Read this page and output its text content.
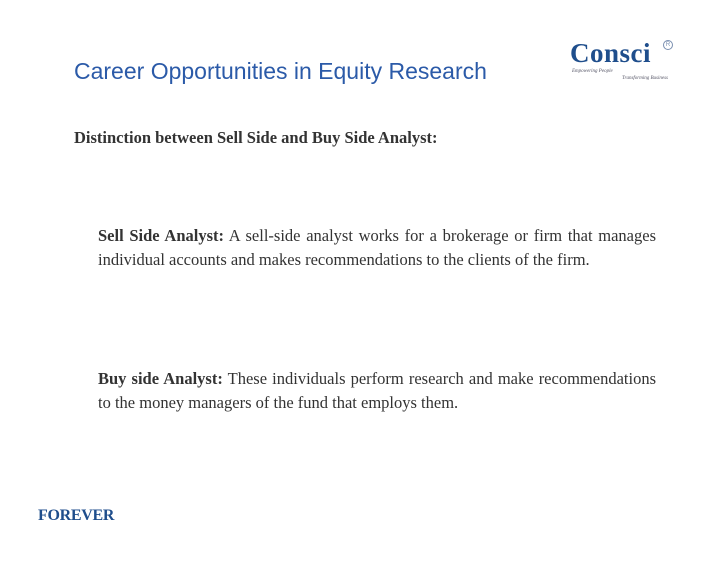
Career Opportunities in Equity Research
Consci	R
Empowering People
Transforming Business
Distinction between Sell Side and Buy Side Analyst:
Sell Side Analyst: A sell-side analyst works for a brokerage or firm that manages individual accounts and makes recommendations to the clients of the firm.
Buy side Analyst: These individuals perform research and make recommendations to the money managers of the fund that employs them.
FOREVER
